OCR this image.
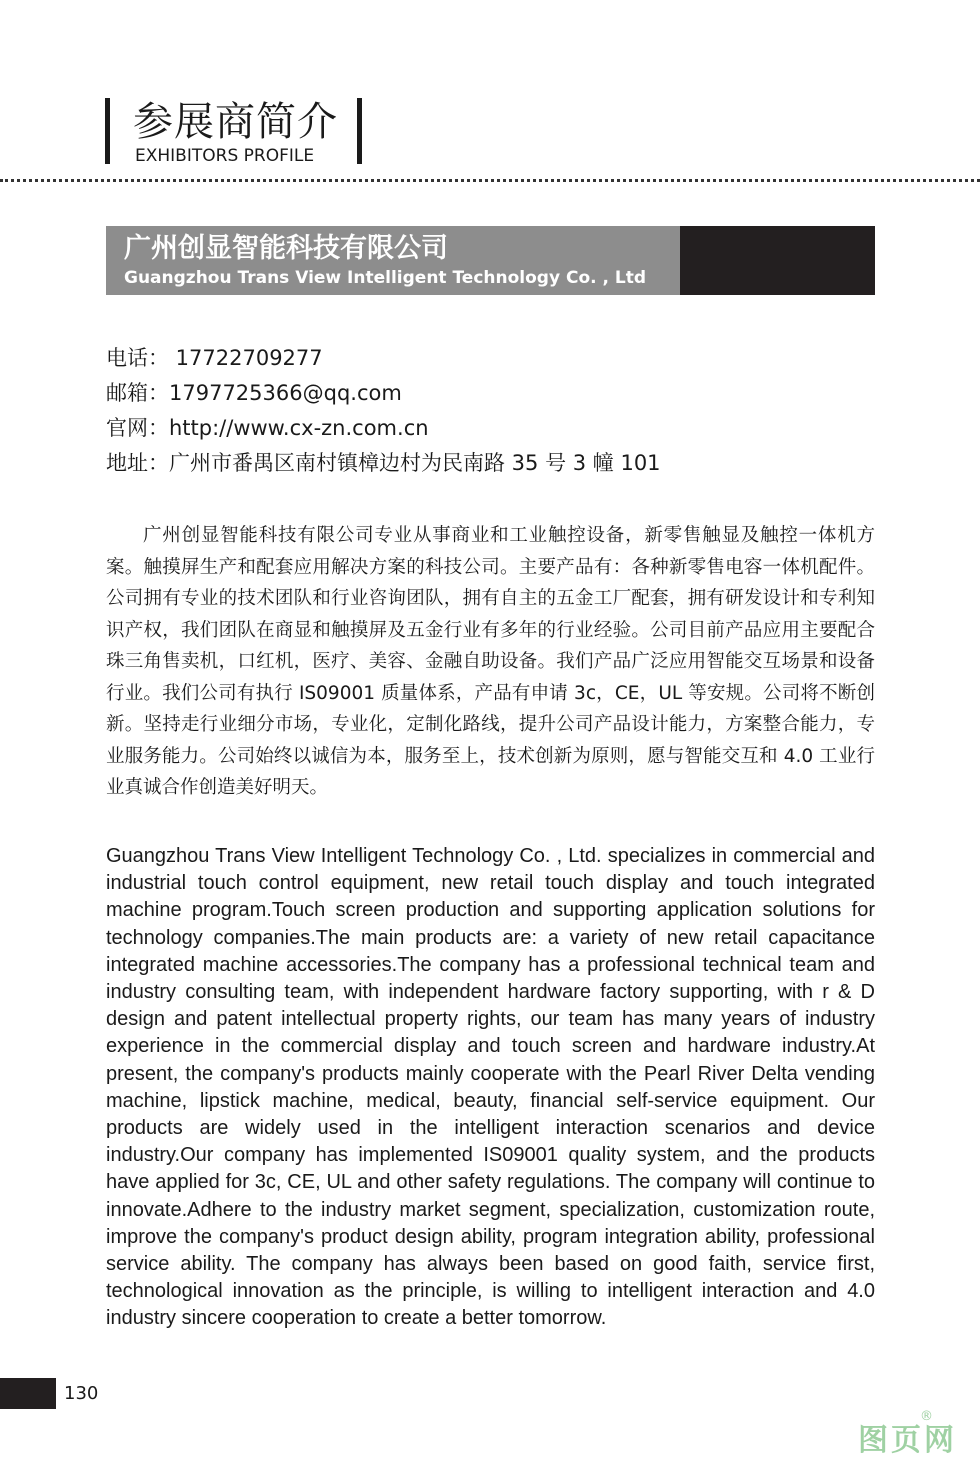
参展商简介
EXHIBITORS PROFILE
广州创显智能科技有限公司
Guangzhou Trans View Intelligent Technology Co. , Ltd
电话： 17722709277
邮箱：1797725366@qq.com
官网：http://www.cx-zn.com.cn
地址：广州市番禺区南村镇樟边村为民南路 35 号 3 幢 101

广州创显智能科技有限公司专业从事商业和工业触控设备，新零售触显及触控一体机方案。触摸屏生产和配套应用解决方案的科技公司。主要产品有：各种新零售电容一体机配件。公司拥有专业的技术团队和行业咨询团队，拥有自主的五金工厂配套，拥有研发设计和专利知识产权，我们团队在商显和触摸屏及五金行业有多年的行业经验。公司目前产品应用主要配合珠三角售卖机，口红机，医疗、美容、金融自助设备。我们产品广泛应用智能交互场景和设备行业。我们公司有执行 IS09001 质量体系，产品有申请 3c，CE，UL 等安规。公司将不断创新。坚持走行业细分市场，专业化，定制化路线，提升公司产品设计能力，方案整合能力，专业服务能力。公司始终以诚信为本，服务至上，技术创新为原则，愿与智能交互和 4.0 工业行业真诚合作创造美好明天。

Guangzhou Trans View Intelligent Technology Co. , Ltd. specializes in commercial and industrial touch control equipment, new retail touch display and touch integrated machine program.Touch screen production and supporting application solutions for technology companies.The main products are: a variety of new retail capacitance integrated machine accessories.The company has a professional technical team and industry consulting team, with independent hardware factory supporting, with r & D design and patent intellectual property rights, our team has many years of industry experience in the commercial display and touch screen and hardware industry.At present, the company's products mainly cooperate with the Pearl River Delta vending machine, lipstick machine, medical, beauty, financial self-service equipment. Our products are widely used in the intelligent interaction scenarios and device industry.Our company has implemented IS09001 quality system, and the products have applied for 3c, CE, UL and other safety regulations. The company will continue to innovate.Adhere to the industry market segment, specialization, customization route, improve the company's product design ability, program integration ability, professional service ability. The company has always been based on good faith, service first, technological innovation as the principle, is willing to intelligent interaction and 4.0 industry sincere cooperation to create a better tomorrow.

130
图页网
®
